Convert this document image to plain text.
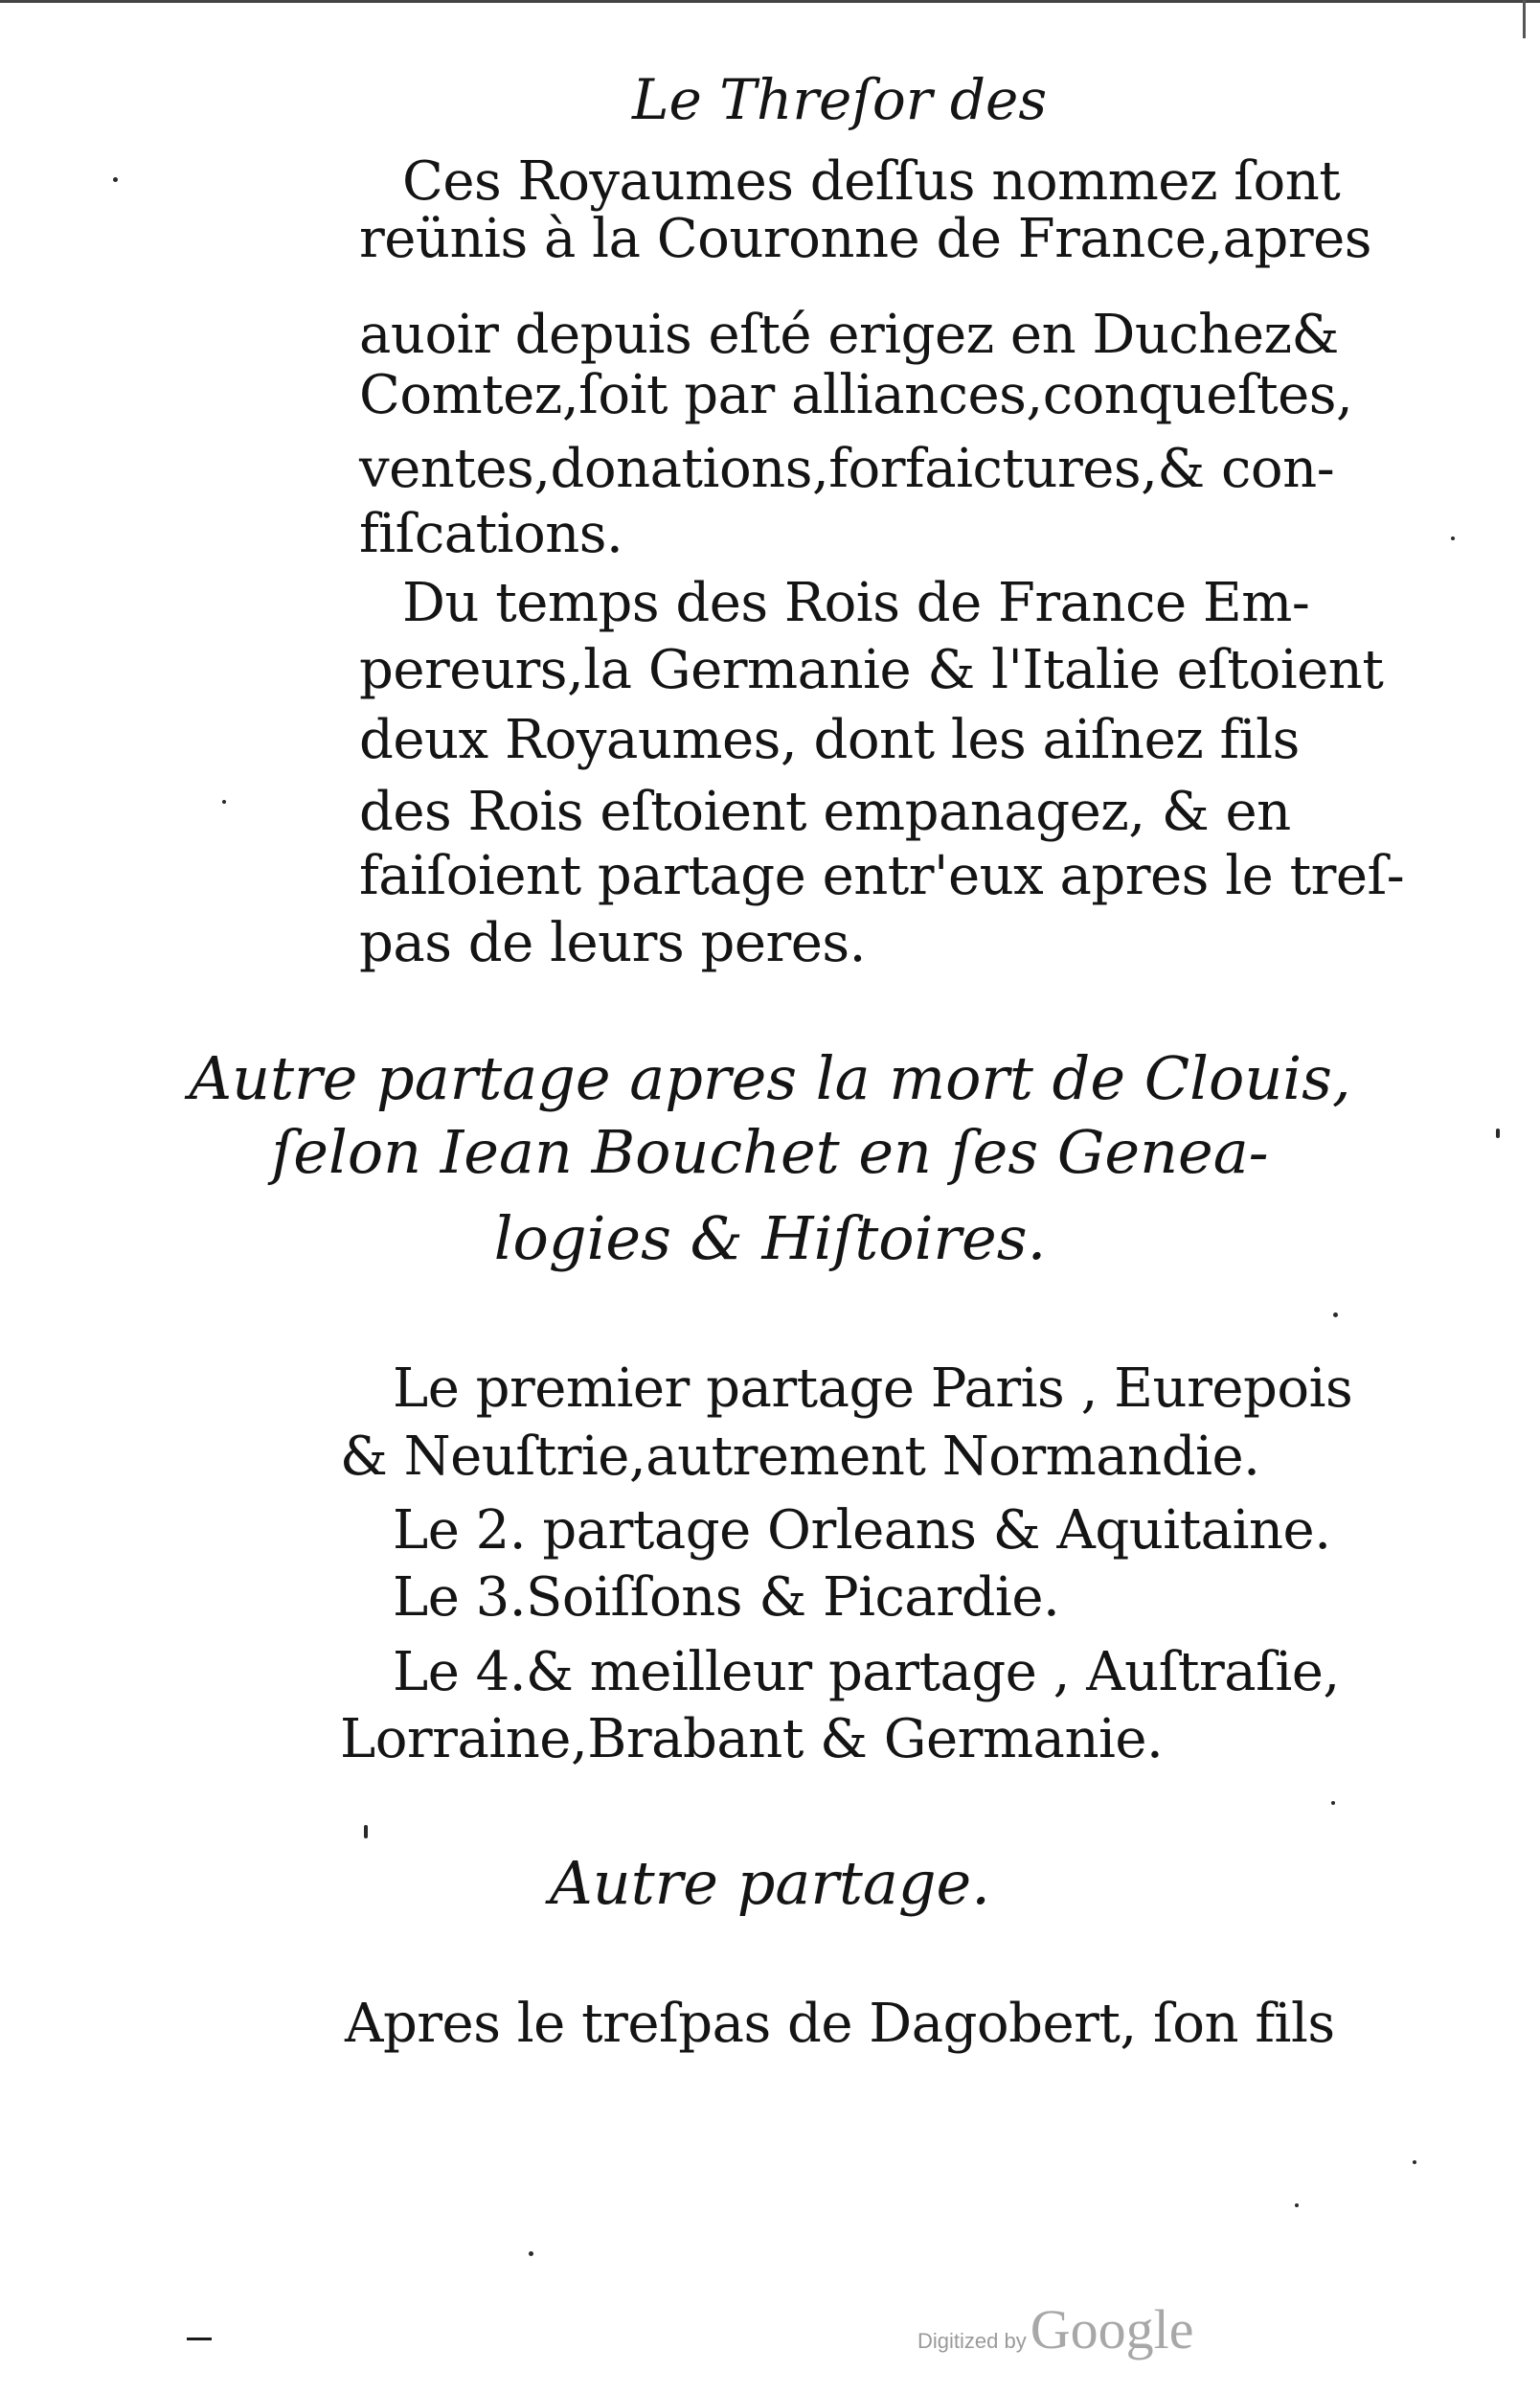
Le Threſor des
Ces Royaumes deſſus nommez ſont
reünis à la Couronne de France,apres
auoir depuis eſté erigez en Duchez&
Comtez,ſoit par alliances,conqueſtes,
ventes,donations,forfaictures,& con-
fiſcations.
Du temps des Rois de France Em-
pereurs,la Germanie & l'Italie eſtoient
deux Royaumes, dont les aiſnez fils
des Rois eſtoient empanagez, & en
faiſoient partage entr'eux apres le treſ-
pas de leurs peres.
Autre partage apres la mort de Clouis,
ſelon Iean Bouchet en ſes Genea-
logies & Hiſtoires.
Le premier partage Paris , Eurepois
& Neuſtrie,autrement Normandie.
Le 2. partage Orleans & Aquitaine.
Le 3.Soiſſons & Picardie.
Le 4.& meilleur partage , Auſtraſie,
Lorraine,Brabant & Germanie.
Autre partage.
Apres le treſpas de Dagobert, ſon fils
Digitized byGoogle
